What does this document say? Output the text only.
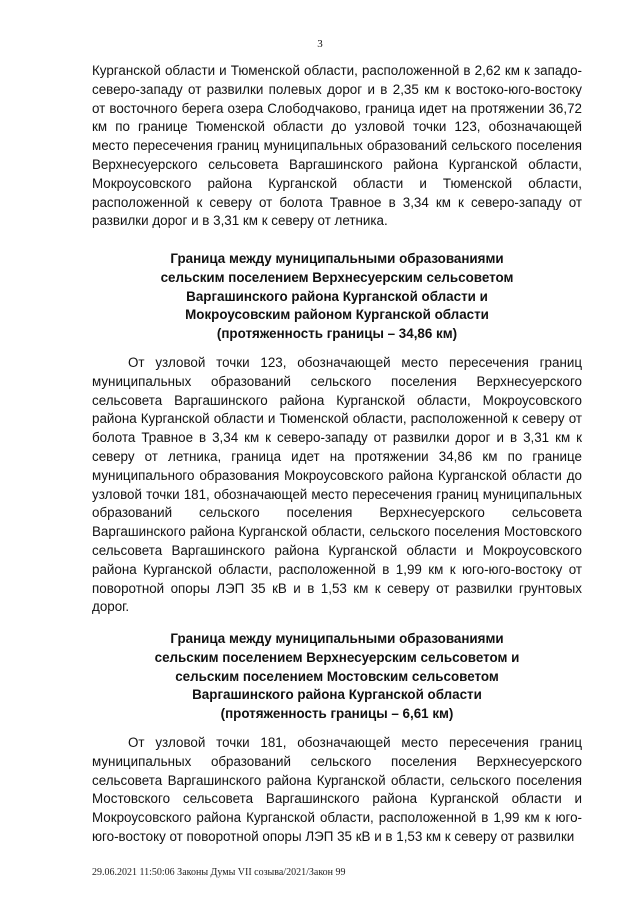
3

Курганской области и Тюменской области, расположенной в 2,62 км к западо-северо-западу от развилки полевых дорог и в 2,35 км к востоко-юго-востоку от восточного берега озера Слободчаково, граница идет на протяжении 36,72 км по границе Тюменской области до узловой точки 123, обозначающей место пересечения границ муниципальных образований сельского поселения Верхнесуерского сельсовета Варгашинского района Курганской области, Мокроусовского района Курганской области и Тюменской области, расположенной к северу от болота Травное в 3,34 км к северо-западу от развилки дорог и в 3,31 км к северу от летника.

Граница между муниципальными образованиями
сельским поселением Верхнесуерским сельсоветом
Варгашинского района Курганской области и
Мокроусовским районом Курганской области
(протяженность границы – 34,86 км)

От узловой точки 123, обозначающей место пересечения границ муниципальных образований сельского поселения Верхнесуерского сельсовета Варгашинского района Курганской области, Мокроусовского района Курганской области и Тюменской области, расположенной к северу от болота Травное в 3,34 км к северо-западу от развилки дорог и в 3,31 км к северу от летника, граница идет на протяжении 34,86 км по границе муниципального образования Мокроусовского района Курганской области до узловой точки 181, обозначающей место пересечения границ муниципальных образований сельского поселения Верхнесуерского сельсовета Варгашинского района Курганской области, сельского поселения Мостовского сельсовета Варгашинского района Курганской области и Мокроусовского района Курганской области, расположенной в 1,99 км к юго-юго-востоку от поворотной опоры ЛЭП 35 кВ и в 1,53 км к северу от развилки грунтовых дорог.

Граница между муниципальными образованиями
сельским поселением Верхнесуерским сельсоветом и
сельским поселением Мостовским сельсоветом
Варгашинского района Курганской области
(протяженность границы – 6,61 км)

От узловой точки 181, обозначающей место пересечения границ муниципальных образований сельского поселения Верхнесуерского сельсовета Варгашинского района Курганской области, сельского поселения Мостовского сельсовета Варгашинского района Курганской области и Мокроусовского района Курганской области, расположенной в 1,99 км к юго-юго-востоку от поворотной опоры ЛЭП 35 кВ и в 1,53 км к северу от развилки

29.06.2021 11:50:06 Законы Думы VII созыва/2021/Закон 99
